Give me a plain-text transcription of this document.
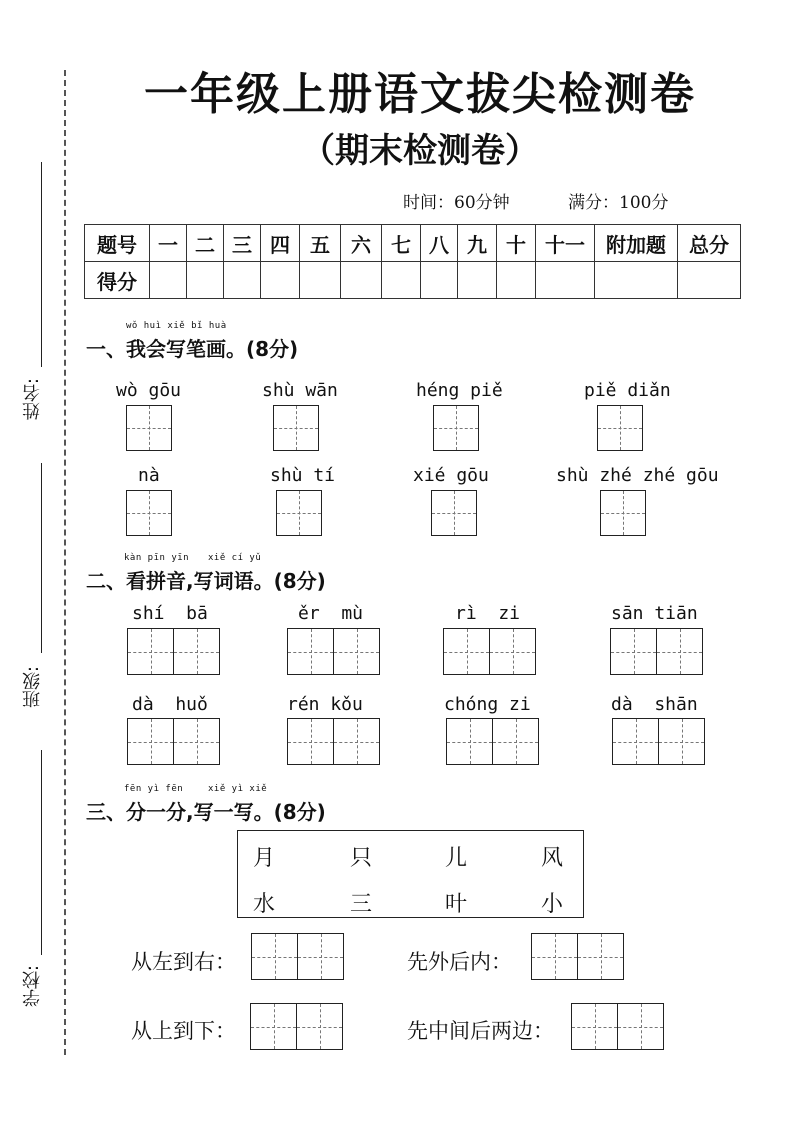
姓名:
班级:
学校:
一年级上册语文拔尖检测卷
（期末检测卷）
时间：60分钟	满分：100分
题号	一	二	三	四	五	六	七	八	九	十	十一	附加题	总分
得分													
wǒ huì xiě bǐ huà
一、我会写笔画。(8分)
wò gōu	shù wān	héng piě	piě diǎn
nà	shù tí	xié gōu	shù zhé zhé gōu
kàn pīn yīn xiě cí yǔ
二、看拼音,写词语。(8分)
shí  bā	ěr  mù	rì  zi	sān tiān
dà  huǒ	rén kǒu	chóng zi	dà  shān
fēn yì fēn	xiě yì xiě
三、分一分,写一写。(8分)
月	只	儿	风
水	三	叶	小
从左到右：	先外后内：
从上到下：	先中间后两边：
